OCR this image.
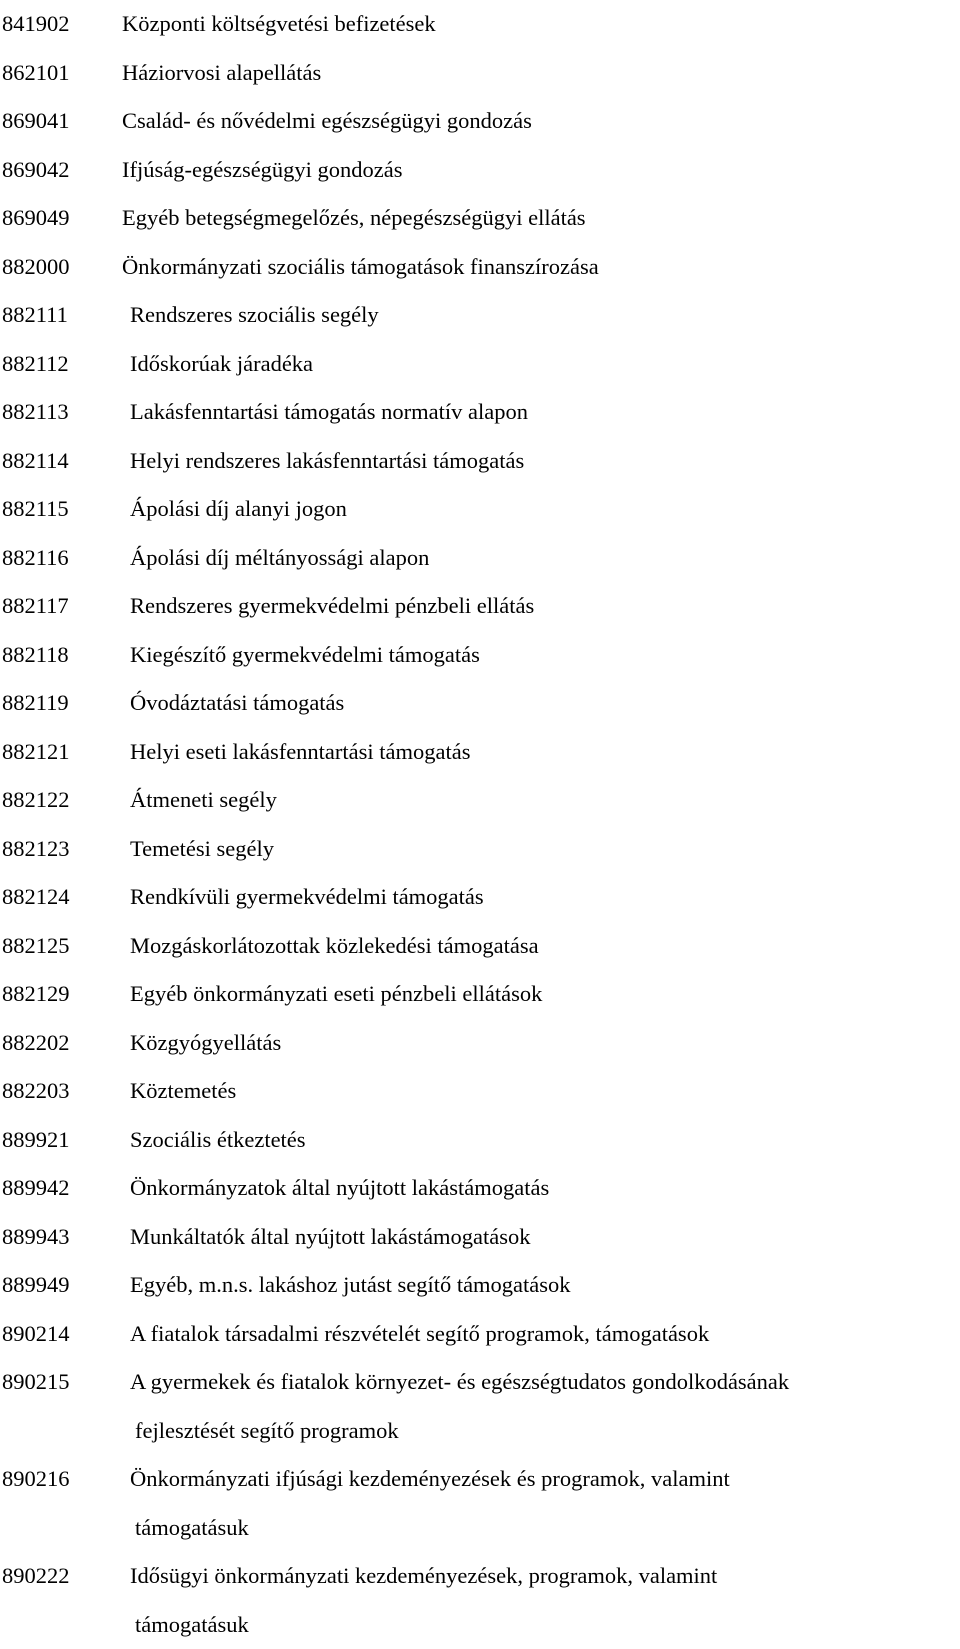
841902	Központi költségvetési befizetések
862101	Háziorvosi alapellátás
869041	Család- és nővédelmi egészségügyi gondozás
869042	Ifjúság-egészségügyi gondozás
869049	Egyéb betegségmegelőzés, népegészségügyi ellátás
882000	Önkormányzati szociális támogatások finanszírozása
882111	Rendszeres szociális segély
882112	Időskorúak járadéka
882113	Lakásfenntartási támogatás normatív alapon
882114	Helyi rendszeres lakásfenntartási támogatás
882115	Ápolási díj alanyi jogon
882116	Ápolási díj méltányossági alapon
882117	Rendszeres gyermekvédelmi pénzbeli ellátás
882118	Kiegészítő gyermekvédelmi támogatás
882119	Óvodáztatási támogatás
882121	Helyi eseti lakásfenntartási támogatás
882122	Átmeneti segély
882123	Temetési segély
882124	Rendkívüli gyermekvédelmi támogatás
882125	Mozgáskorlátozottak közlekedési támogatása
882129	Egyéb önkormányzati eseti pénzbeli ellátások
882202	Közgyógyellátás
882203	Köztemetés
889921	Szociális étkeztetés
889942	Önkormányzatok által nyújtott lakástámogatás
889943	Munkáltatók által nyújtott lakástámogatások
889949	Egyéb, m.n.s. lakáshoz jutást segítő támogatások
890214	A fiatalok társadalmi részvételét segítő programok, támogatások
890215	A gyermekek és fiatalok környezet- és egészségtudatos gondolkodásának
fejlesztését segítő programok
890216	Önkormányzati ifjúsági kezdeményezések és programok, valamint
támogatásuk
890222	Idősügyi önkormányzati kezdeményezések, programok, valamint
támogatásuk
